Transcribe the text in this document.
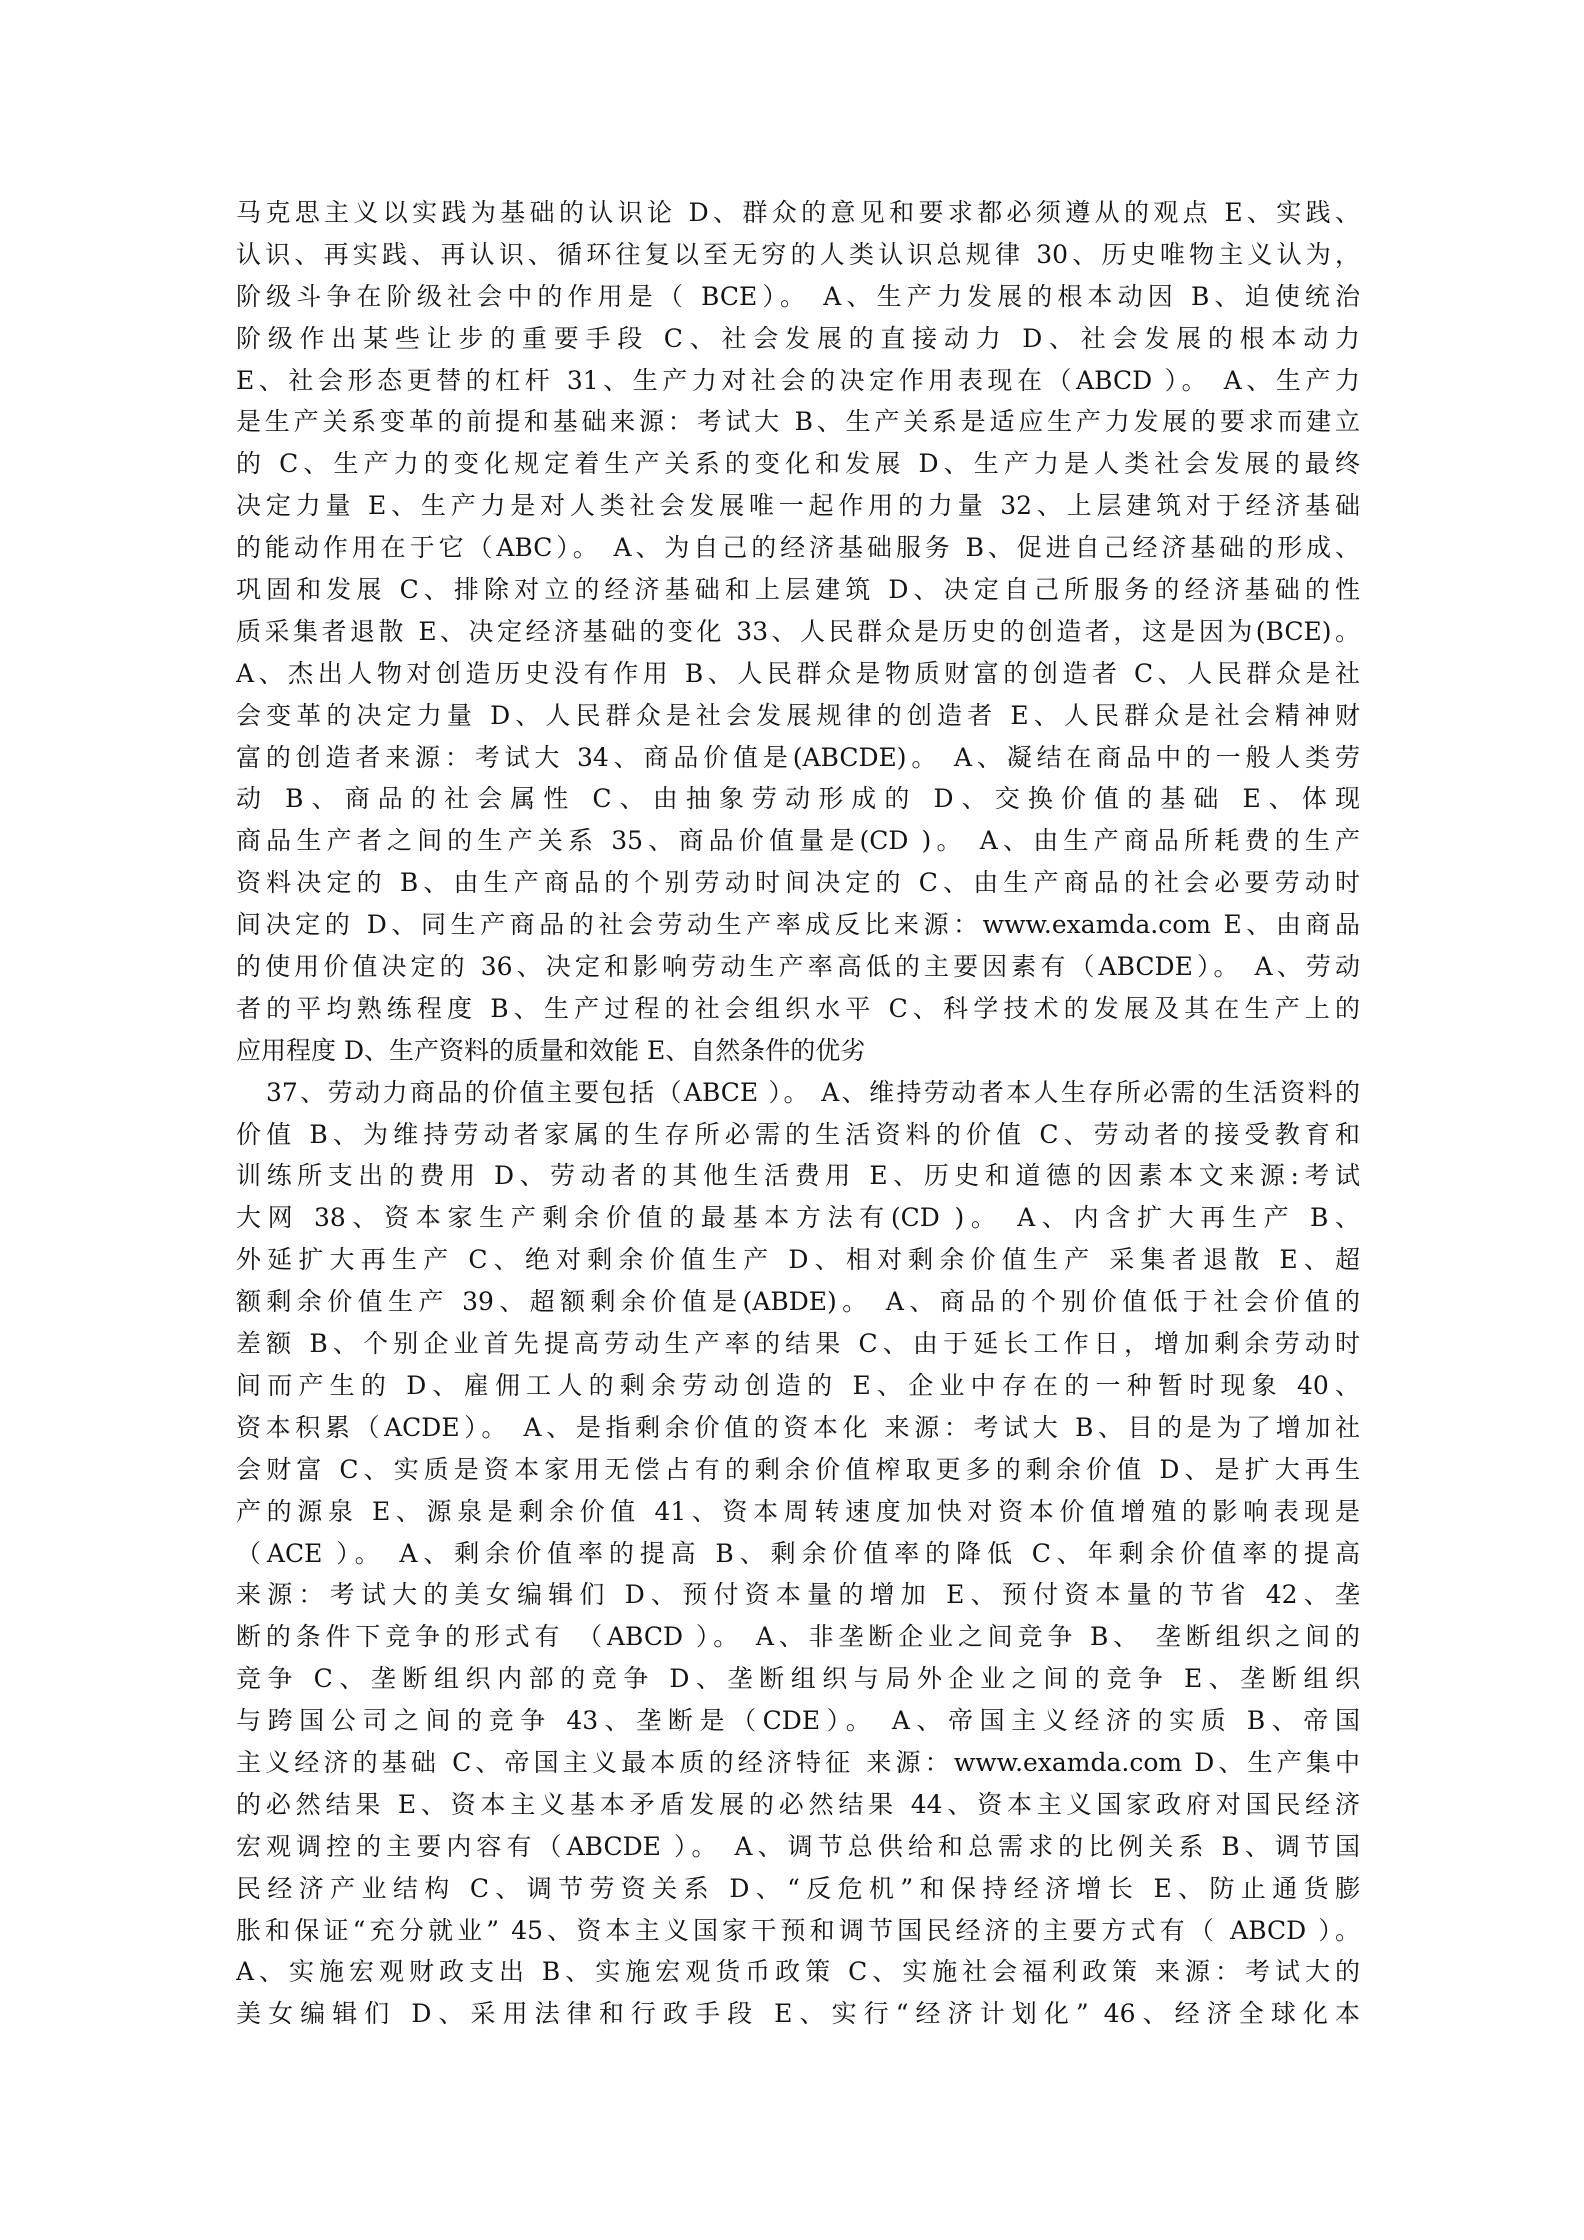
马克思主义以实践为基础的认识论 D、群众的意见和要求都必须遵从的观点 E、实践、
认识、再实践、再认识、循环往复以至无穷的人类认识总规律 30、历史唯物主义认为，
阶级斗争在阶级社会中的作用是（ BCE）。 A、生产力发展的根本动因 B、迫使统治
阶级作出某些让步的重要手段 C、社会发展的直接动力 D、社会发展的根本动力
E、社会形态更替的杠杆 31、生产力对社会的决定作用表现在（ABCD ）。 A、生产力
是生产关系变革的前提和基础来源：考试大 B、生产关系是适应生产力发展的要求而建立
的 C、生产力的变化规定着生产关系的变化和发展 D、生产力是人类社会发展的最终
决定力量 E、生产力是对人类社会发展唯一起作用的力量 32、上层建筑对于经济基础
的能动作用在于它（ABC）。 A、为自己的经济基础服务 B、促进自己经济基础的形成、
巩固和发展 C、排除对立的经济基础和上层建筑 D、决定自己所服务的经济基础的性
质采集者退散 E、决定经济基础的变化 33、人民群众是历史的创造者，这是因为(BCE)。
A、杰出人物对创造历史没有作用 B、人民群众是物质财富的创造者 C、人民群众是社
会变革的决定力量 D、人民群众是社会发展规律的创造者 E、人民群众是社会精神财
富的创造者来源：考试大 34、商品价值是(ABCDE)。 A、凝结在商品中的一般人类劳
动 B、商品的社会属性 C、由抽象劳动形成的 D、交换价值的基础 E、体现
商品生产者之间的生产关系 35、商品价值量是(CD )。 A、由生产商品所耗费的生产
资料决定的 B、由生产商品的个别劳动时间决定的 C、由生产商品的社会必要劳动时
间决定的 D、同生产商品的社会劳动生产率成反比来源：www.examda.com E、由商品
的使用价值决定的 36、决定和影响劳动生产率高低的主要因素有（ABCDE）。 A、劳动
者的平均熟练程度 B、生产过程的社会组织水平 C、科学技术的发展及其在生产上的
应用程度 D、生产资料的质量和效能 E、自然条件的优劣
37、劳动力商品的价值主要包括（ABCE ）。 A、维持劳动者本人生存所必需的生活资料的
价值 B、为维持劳动者家属的生存所必需的生活资料的价值 C、劳动者的接受教育和
训练所支出的费用 D、劳动者的其他生活费用 E、历史和道德的因素本文来源:考试
大网 38、资本家生产剩余价值的最基本方法有(CD )。 A、内含扩大再生产 B、
外延扩大再生产 C、绝对剩余价值生产 D、相对剩余价值生产 采集者退散 E、超
额剩余价值生产 39、超额剩余价值是(ABDE)。 A、商品的个别价值低于社会价值的
差额 B、个别企业首先提高劳动生产率的结果 C、由于延长工作日，增加剩余劳动时
间而产生的 D、雇佣工人的剩余劳动创造的 E、企业中存在的一种暂时现象 40、
资本积累（ACDE）。 A、是指剩余价值的资本化 来源：考试大 B、目的是为了增加社
会财富 C、实质是资本家用无偿占有的剩余价值榨取更多的剩余价值 D、是扩大再生
产的源泉 E、源泉是剩余价值 41、资本周转速度加快对资本价值增殖的影响表现是
（ACE ）。 A、剩余价值率的提高 B、剩余价值率的降低 C、年剩余价值率的提高
来源：考试大的美女编辑们 D、预付资本量的增加 E、预付资本量的节省 42、垄
断的条件下竞争的形式有 （ABCD ）。 A、非垄断企业之间竞争 B、 垄断组织之间的
竞争 C、垄断组织内部的竞争 D、垄断组织与局外企业之间的竞争 E、垄断组织
与跨国公司之间的竞争 43、垄断是（CDE）。 A、帝国主义经济的实质 B、帝国
主义经济的基础 C、帝国主义最本质的经济特征 来源：www.examda.com D、生产集中
的必然结果 E、资本主义基本矛盾发展的必然结果 44、资本主义国家政府对国民经济
宏观调控的主要内容有（ABCDE ）。 A、调节总供给和总需求的比例关系 B、调节国
民经济产业结构 C、调节劳资关系 D、“反危机”和保持经济增长 E、防止通货膨
胀和保证“充分就业” 45、资本主义国家干预和调节国民经济的主要方式有（ ABCD ）。
A、实施宏观财政支出 B、实施宏观货币政策 C、实施社会福利政策 来源：考试大的
美女编辑们 D、采用法律和行政手段 E、实行“经济计划化” 46、经济全球化本
